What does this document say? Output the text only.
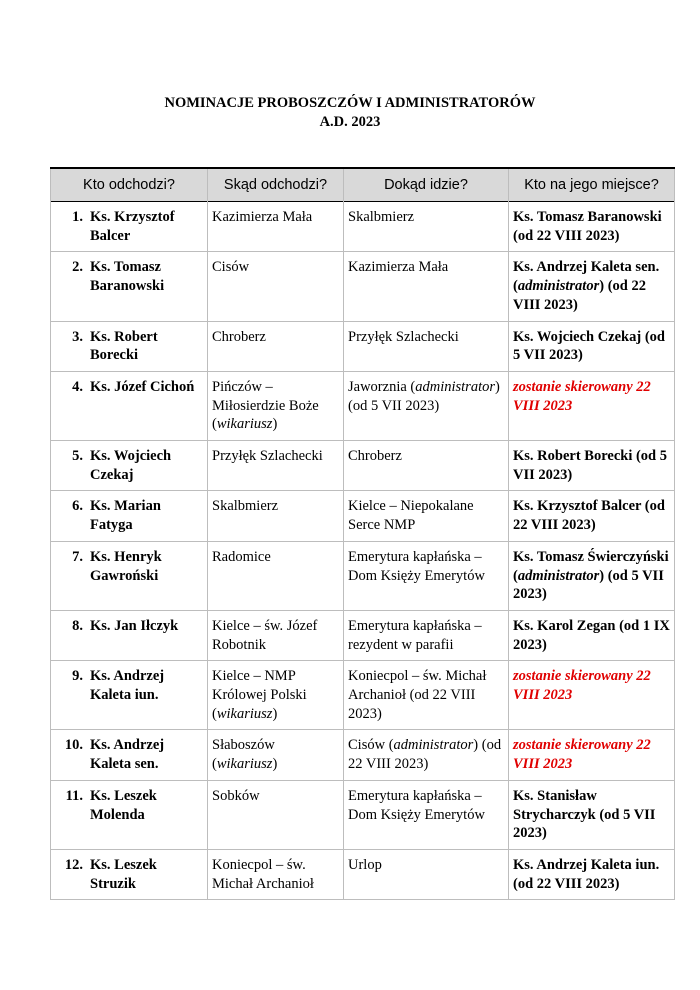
NOMINACJE PROBOSZCZÓW I ADMINISTRATORÓW
A.D. 2023
Kto odchodzi?	Skąd odchodzi?	Dokąd idzie?	Kto na jego miejsce?
1. Ks. Krzysztof Balcer	Kazimierza Mała	Skalbmierz	Ks. Tomasz Baranowski (od 22 VIII 2023)
2. Ks. Tomasz Baranowski	Cisów	Kazimierza Mała	Ks. Andrzej Kaleta sen. (administrator) (od 22 VIII 2023)
3. Ks. Robert Borecki	Chroberz	Przyłęk Szlachecki	Ks. Wojciech Czekaj (od 5 VII 2023)
4. Ks. Józef Cichoń	Pińczów – Miłosierdzie Boże (wikariusz)	Jaworznia (administrator) (od 5 VII 2023)	zostanie skierowany 22 VIII 2023
5. Ks. Wojciech Czekaj	Przyłęk Szlachecki	Chroberz	Ks. Robert Borecki (od 5 VII 2023)
6. Ks. Marian Fatyga	Skalbmierz	Kielce – Niepokalane Serce NMP	Ks. Krzysztof Balcer (od 22 VIII 2023)
7. Ks. Henryk Gawroński	Radomice	Emerytura kapłańska – Dom Księży Emerytów	Ks. Tomasz Świerczyński (administrator) (od 5 VII 2023)
8. Ks. Jan Iłczyk	Kielce – św. Józef Robotnik	Emerytura kapłańska – rezydent w parafii	Ks. Karol Zegan (od 1 IX 2023)
9. Ks. Andrzej Kaleta iun.	Kielce – NMP Królowej Polski (wikariusz)	Koniecpol – św. Michał Archanioł (od 22 VIII 2023)	zostanie skierowany 22 VIII 2023
10. Ks. Andrzej Kaleta sen.	Słaboszów (wikariusz)	Cisów (administrator) (od 22 VIII 2023)	zostanie skierowany 22 VIII 2023
11. Ks. Leszek Molenda	Sobków	Emerytura kapłańska – Dom Księży Emerytów	Ks. Stanisław Strycharczyk (od 5 VII 2023)
12. Ks. Leszek Struzik	Koniecpol – św. Michał Archanioł	Urlop	Ks. Andrzej Kaleta iun. (od 22 VIII 2023)
